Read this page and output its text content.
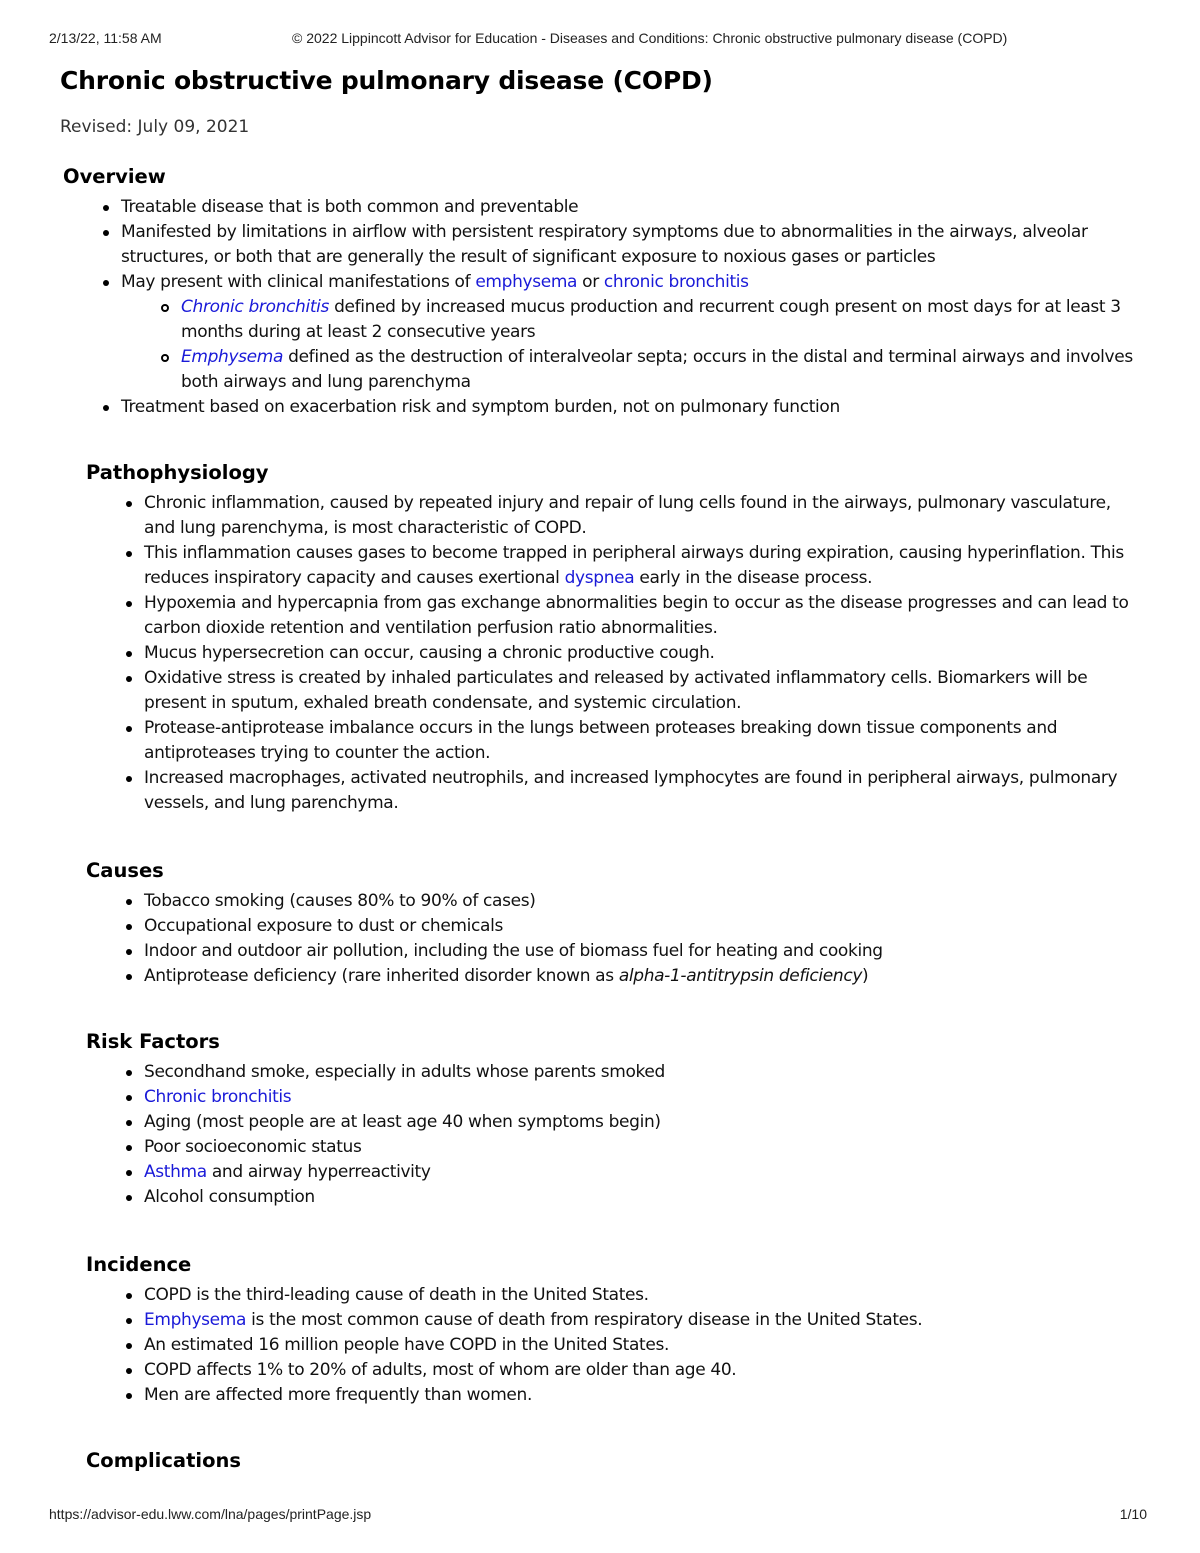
2/13/22, 11:58 AM	© 2022 Lippincott Advisor for Education - Diseases and Conditions: Chronic obstructive pulmonary disease (COPD)
Chronic obstructive pulmonary disease (COPD)

Revised: July 09, 2021

Overview
Treatable disease that is both common and preventable
Manifested by limitations in airflow with persistent respiratory symptoms due to abnormalities in the airways, alveolar structures, or both that are generally the result of significant exposure to noxious gases or particles
May present with clinical manifestations of emphysema or chronic bronchitis
Chronic bronchitis defined by increased mucus production and recurrent cough present on most days for at least 3 months during at least 2 consecutive years
Emphysema defined as the destruction of interalveolar septa; occurs in the distal and terminal airways and involves both airways and lung parenchyma
Treatment based on exacerbation risk and symptom burden, not on pulmonary function
Pathophysiology
Chronic inflammation, caused by repeated injury and repair of lung cells found in the airways, pulmonary vasculature, and lung parenchyma, is most characteristic of COPD.
This inflammation causes gases to become trapped in peripheral airways during expiration, causing hyperinflation. This reduces inspiratory capacity and causes exertional dyspnea early in the disease process.
Hypoxemia and hypercapnia from gas exchange abnormalities begin to occur as the disease progresses and can lead to carbon dioxide retention and ventilation perfusion ratio abnormalities.
Mucus hypersecretion can occur, causing a chronic productive cough.
Oxidative stress is created by inhaled particulates and released by activated inflammatory cells. Biomarkers will be present in sputum, exhaled breath condensate, and systemic circulation.
Protease-antiprotease imbalance occurs in the lungs between proteases breaking down tissue components and antiproteases trying to counter the action.
Increased macrophages, activated neutrophils, and increased lymphocytes are found in peripheral airways, pulmonary vessels, and lung parenchyma.
Causes
Tobacco smoking (causes 80% to 90% of cases)
Occupational exposure to dust or chemicals
Indoor and outdoor air pollution, including the use of biomass fuel for heating and cooking
Antiprotease deficiency (rare inherited disorder known as alpha-1-antitrypsin deficiency)
Risk Factors
Secondhand smoke, especially in adults whose parents smoked
Chronic bronchitis
Aging (most people are at least age 40 when symptoms begin)
Poor socioeconomic status
Asthma and airway hyperreactivity
Alcohol consumption
Incidence
COPD is the third-leading cause of death in the United States.
Emphysema is the most common cause of death from respiratory disease in the United States.
An estimated 16 million people have COPD in the United States.
COPD affects 1% to 20% of adults, most of whom are older than age 40.
Men are affected more frequently than women.
Complications
https://advisor-edu.lww.com/lna/pages/printPage.jsp	1/10
